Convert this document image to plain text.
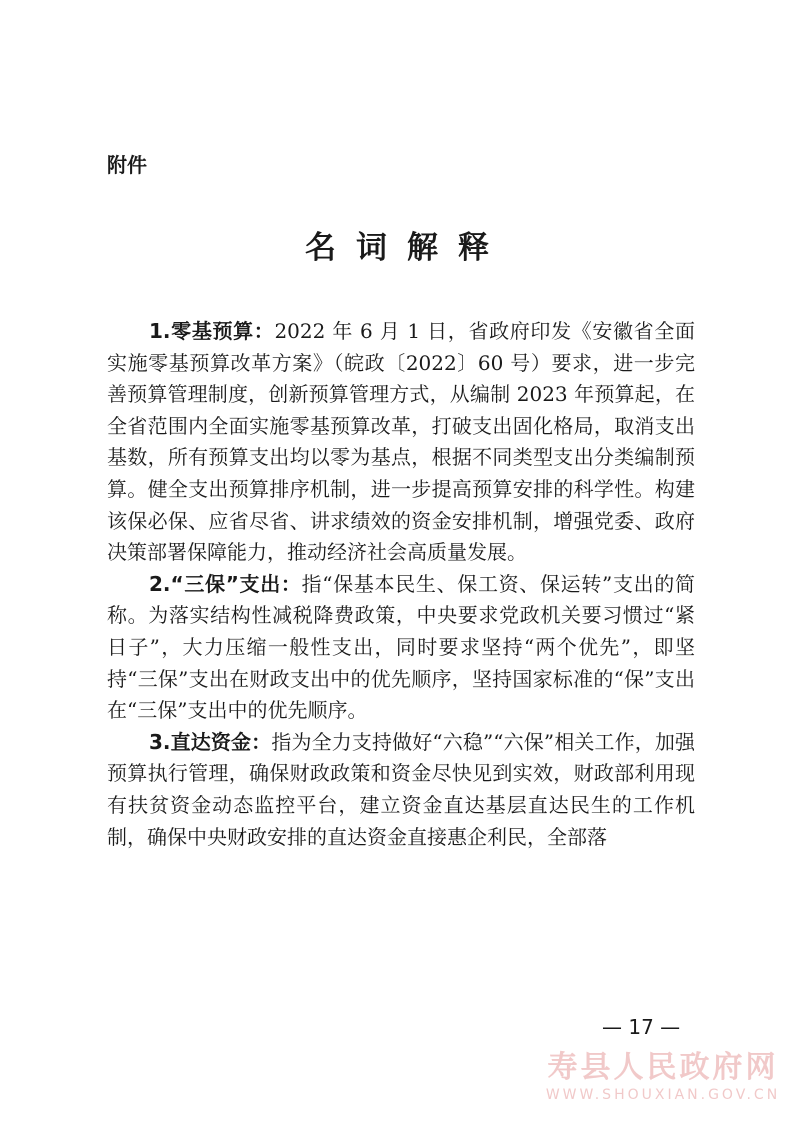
附件
名词解释

1.零基预算：2022 年 6 月 1 日，省政府印发《安徽省全面实施零基预算改革方案》（皖政〔2022〕60 号）要求，进一步完善预算管理制度，创新预算管理方式，从编制 2023 年预算起，在全省范围内全面实施零基预算改革，打破支出固化格局，取消支出基数，所有预算支出均以零为基点，根据不同类型支出分类编制预算。健全支出预算排序机制，进一步提高预算安排的科学性。构建该保必保、应省尽省、讲求绩效的资金安排机制，增强党委、政府决策部署保障能力，推动经济社会高质量发展。

2.“三保”支出：指“保基本民生、保工资、保运转”支出的简称。为落实结构性减税降费政策，中央要求党政机关要习惯过“紧日子”，大力压缩一般性支出，同时要求坚持“两个优先”，即坚持“三保”支出在财政支出中的优先顺序，坚持国家标准的“保”支出在“三保”支出中的优先顺序。

3.直达资金：指为全力支持做好“六稳”“六保”相关工作，加强预算执行管理，确保财政政策和资金尽快见到实效，财政部利用现有扶贫资金动态监控平台，建立资金直达基层直达民生的工作机制，确保中央财政安排的直达资金直接惠企利民，全部落

— 17 —
寿县人民政府网
WWW.SHOUXIAN.GOV.CN
